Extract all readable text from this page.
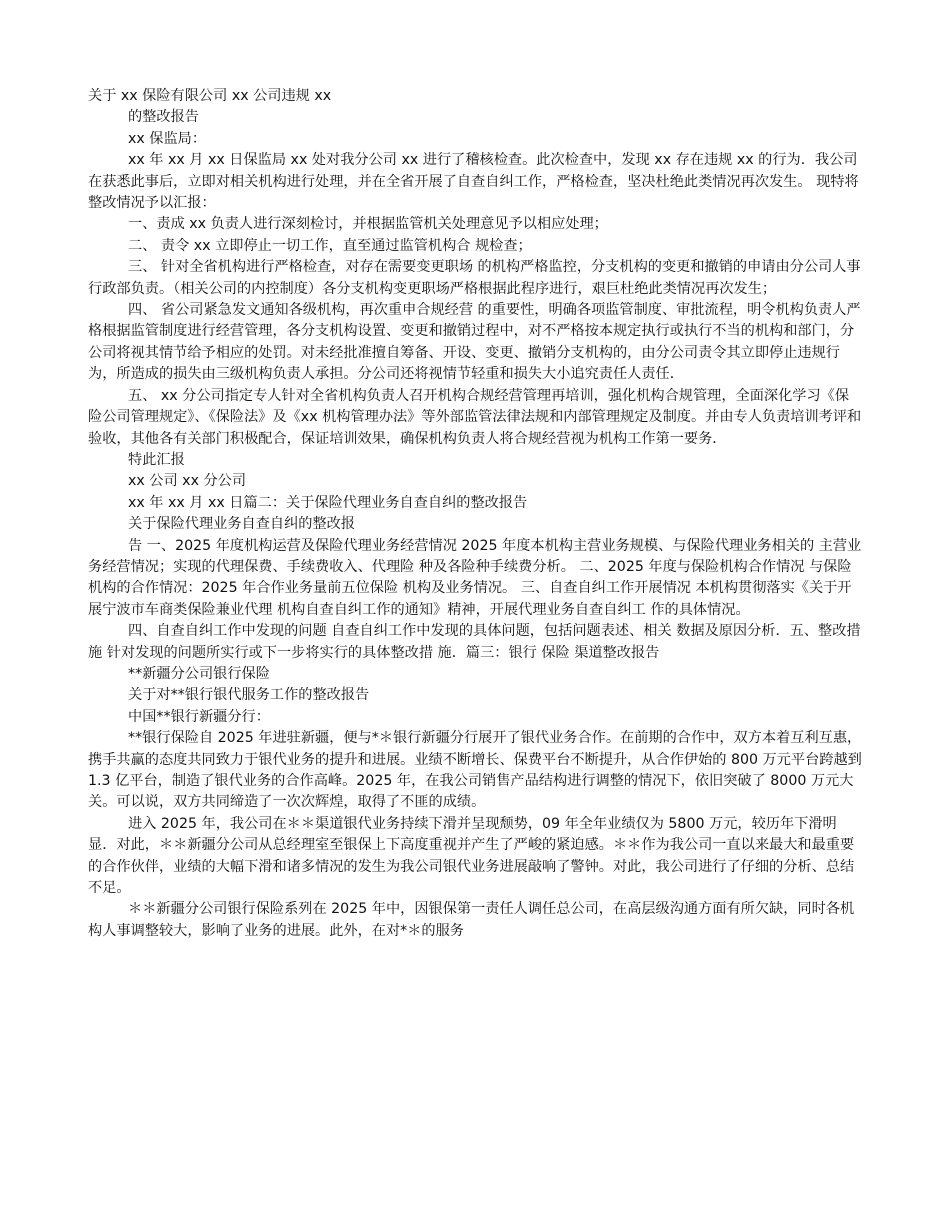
关于 xx 保险有限公司 xx 公司违规 xx

的整改报告

xx 保监局：

xx 年 xx 月 xx 日保监局 xx 处对我分公司 xx 进行了稽核检查。此次检查中，发现 xx 存在违规 xx 的行为．我公司在获悉此事后，立即对相关机构进行处理，并在全省开展了自查自纠工作，严格检查，坚决杜绝此类情况再次发生。 现特将整改情况予以汇报：

一、责成 xx 负责人进行深刻检讨，并根据监管机关处理意见予以相应处理；

二、 责令 xx 立即停止一切工作，直至通过监管机构合 规检查；

三、 针对全省机构进行严格检查，对存在需要变更职场 的机构严格监控，分支机构的变更和撤销的申请由分公司人事行政部负责。（相关公司的内控制度）各分支机构变更职场严格根据此程序进行，艰巨杜绝此类情况再次发生；

四、 省公司紧急发文通知各级机构，再次重申合规经营 的重要性，明确各项监管制度、审批流程，明令机构负责人严格根据监管制度进行经营管理，各分支机构设置、变更和撤销过程中，对不严格按本规定执行或执行不当的机构和部门，分公司将视其情节给予相应的处罚。对未经批准擅自筹备、开设、变更、撤销分支机构的，由分公司责令其立即停止违规行为，所造成的损失由三级机构负责人承担。分公司还将视情节轻重和损失大小追究责任人责任．

五、 xx 分公司指定专人针对全省机构负责人召开机构合规经营管理再培训，强化机构合规管理，全面深化学习《保险公司管理规定》、《保险法》及《xx 机构管理办法》等外部监管法律法规和内部管理规定及制度。并由专人负责培训考评和验收，其他各有关部门积极配合，保证培训效果，确保机构负责人将合规经营视为机构工作第一要务．

特此汇报

xx 公司 xx 分公司

xx 年 xx 月 xx 日篇二：关于保险代理业务自查自纠的整改报告

关于保险代理业务自查自纠的整改报

告 一、2025 年度机构运营及保险代理业务经营情况 2025 年度本机构主营业务规模、与保险代理业务相关的 主营业务经营情况；实现的代理保费、手续费收入、代理险 种及各险种手续费分析。 二、2025 年度与保险机构合作情况 与保险机构的合作情况：2025 年合作业务量前五位保险 机构及业务情况。 三、自查自纠工作开展情况 本机构贯彻落实《关于开展宁波市车商类保险兼业代理 机构自查自纠工作的通知》精神，开展代理业务自查自纠工 作的具体情况。

四、自查自纠工作中发现的问题 自查自纠工作中发现的具体问题，包括问题表述、相关 数据及原因分析．五、整改措施 针对发现的问题所实行或下一步将实行的具体整改措 施．篇三：银行 保险 渠道整改报告

**新疆分公司银行保险

关于对**银行银代服务工作的整改报告

中国**银行新疆分行：

**银行保险自 2025 年进驻新疆，便与*＊银行新疆分行展开了银代业务合作。在前期的合作中，双方本着互利互惠，携手共赢的态度共同致力于银代业务的提升和进展。业绩不断增长、保费平台不断提升，从合作伊始的 800 万元平台跨越到 1.3 亿平台，制造了银代业务的合作高峰。2025 年，在我公司销售产品结构进行调整的情况下，依旧突破了 8000 万元大关。可以说，双方共同缔造了一次次辉煌，取得了不匪的成绩。

进入 2025 年，我公司在＊＊渠道银代业务持续下滑并呈现颓势，09 年全年业绩仅为 5800 万元，较历年下滑明显．对此，＊＊新疆分公司从总经理室至银保上下高度重视并产生了严峻的紧迫感。＊＊作为我公司一直以来最大和最重要的合作伙伴，业绩的大幅下滑和诸多情况的发生为我公司银代业务进展敲响了警钟。对此，我公司进行了仔细的分析、总结不足。

＊＊新疆分公司银行保险系列在 2025 年中，因银保第一责任人调任总公司，在高层级沟通方面有所欠缺，同时各机构人事调整较大，影响了业务的进展。此外，在对*＊的服务
